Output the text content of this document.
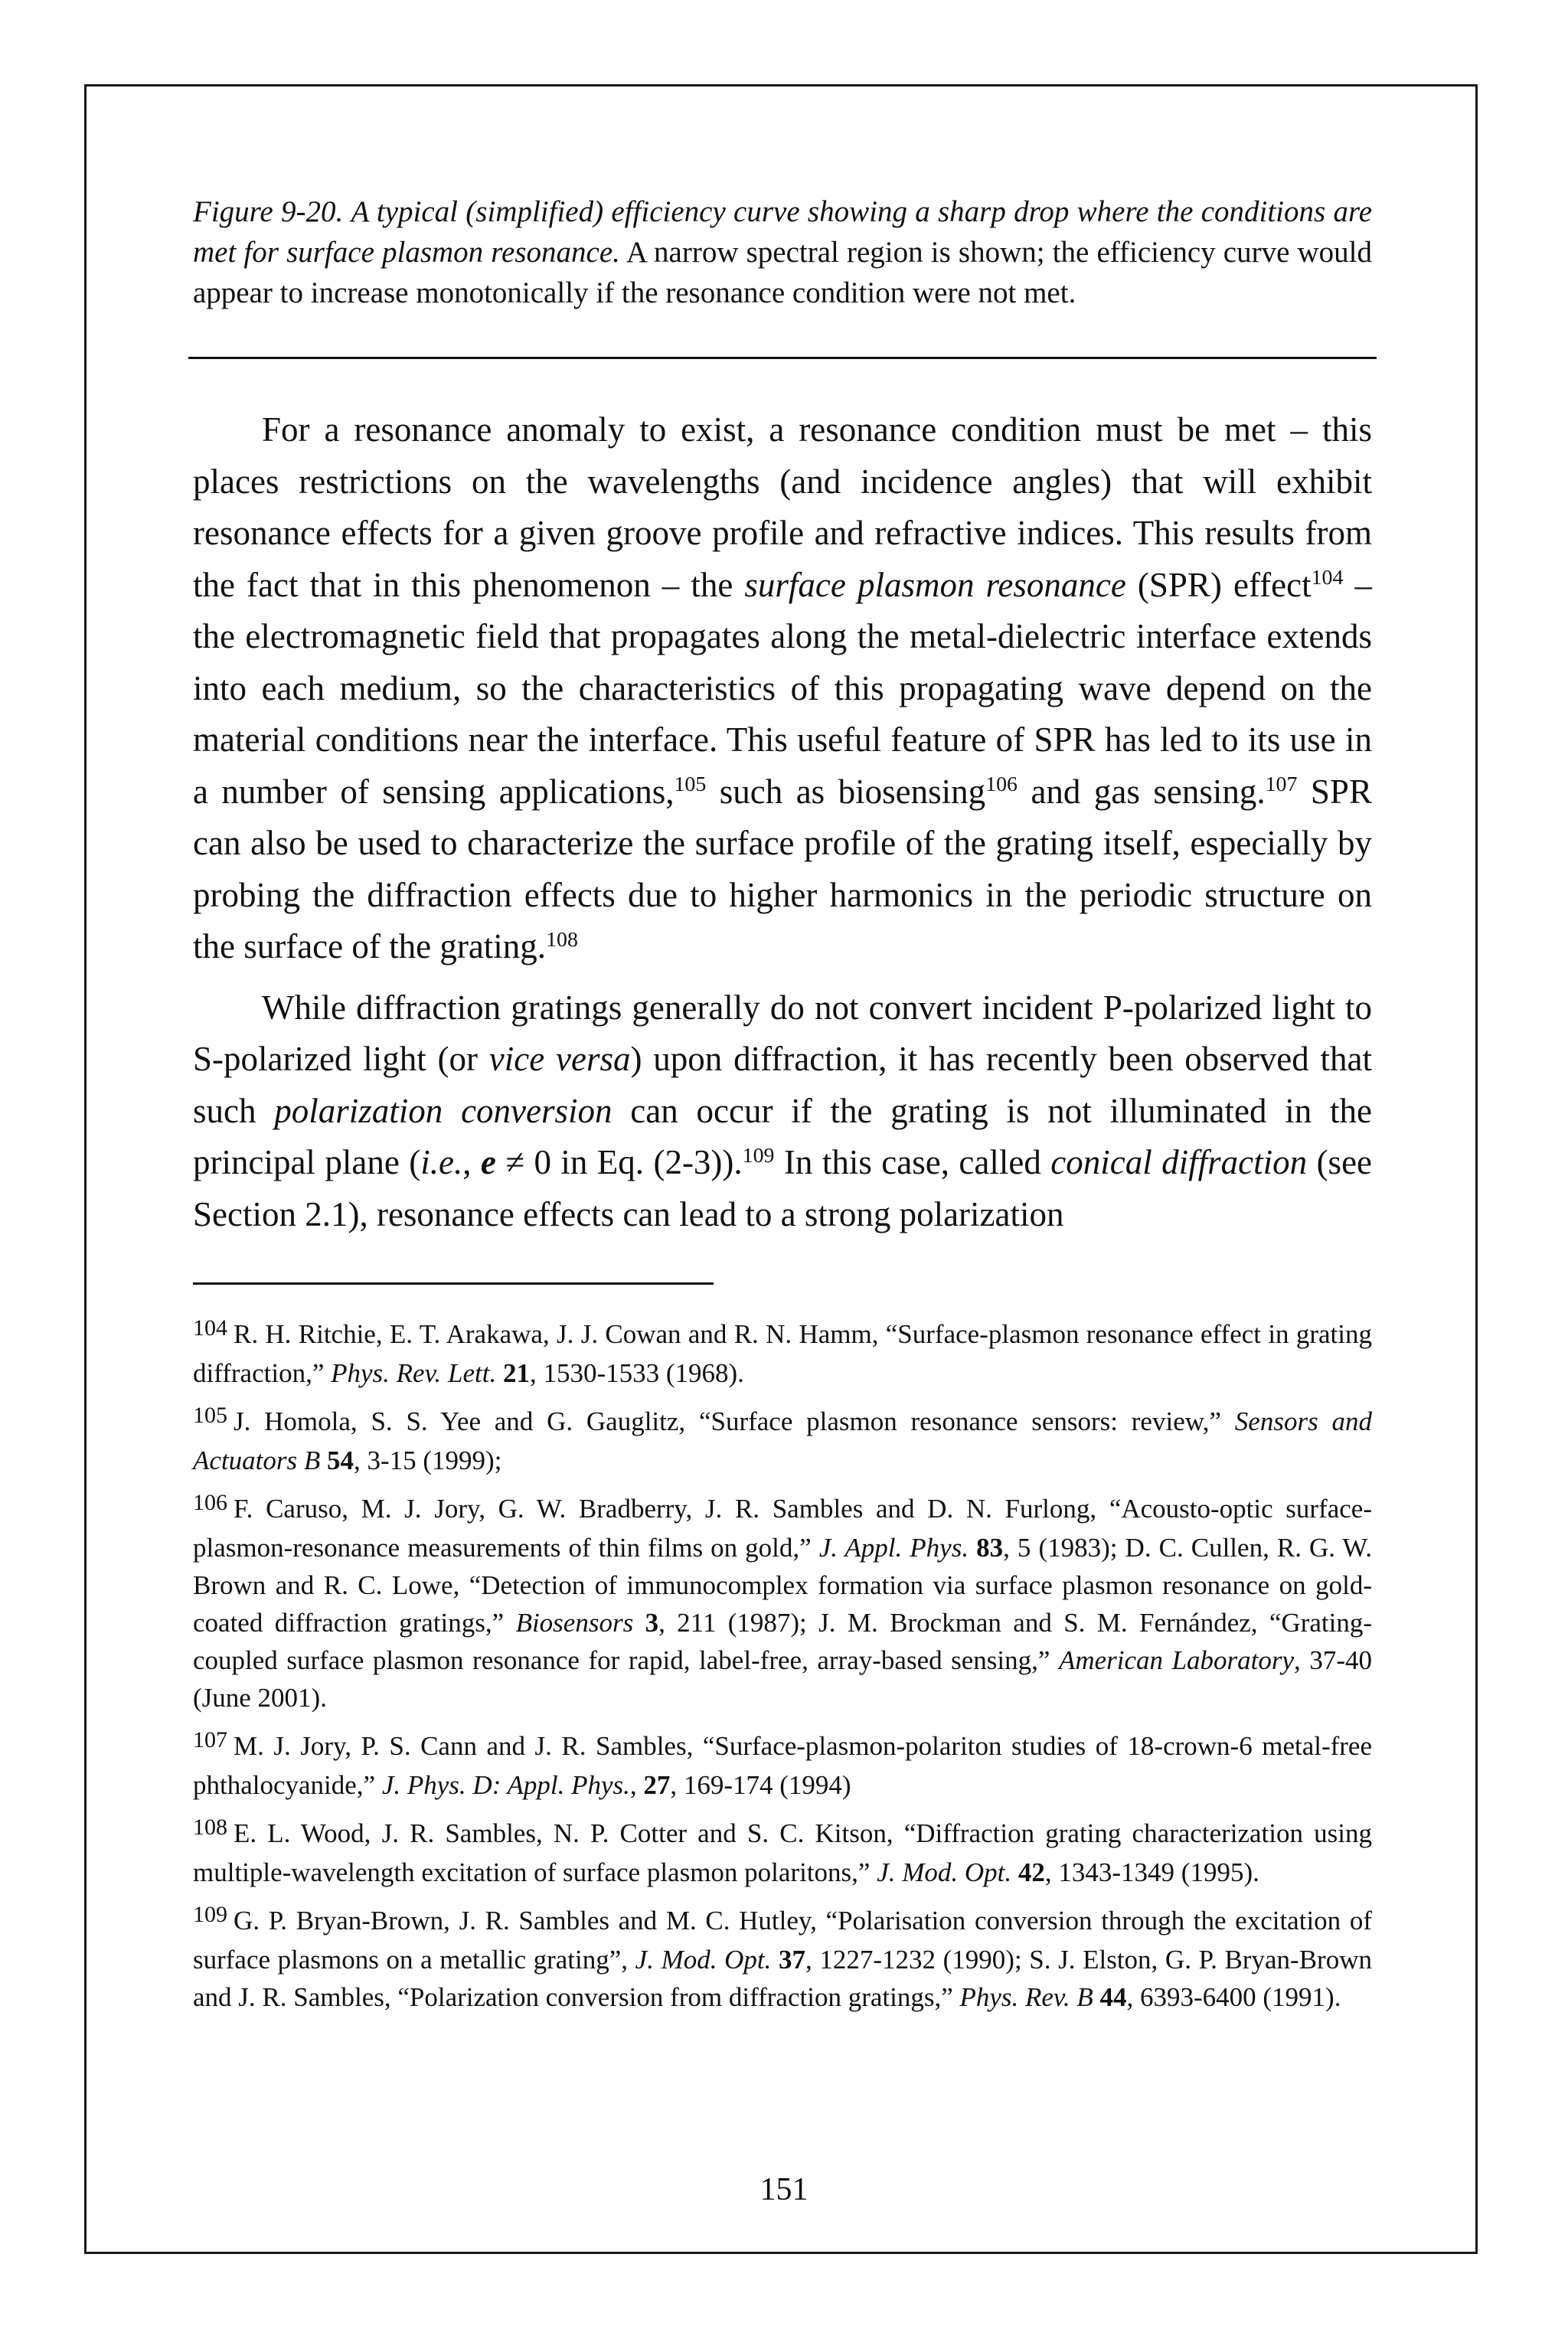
Figure 9-20. A typical (simplified) efficiency curve showing a sharp drop where the conditions are met for surface plasmon resonance. A narrow spectral region is shown; the efficiency curve would appear to increase monotonically if the resonance condition were not met.

For a resonance anomaly to exist, a resonance condition must be met – this places restrictions on the wavelengths (and incidence angles) that will exhibit resonance effects for a given groove profile and refractive indices. This results from the fact that in this phenomenon – the surface plasmon resonance (SPR) effect$^{104}$ – the electromagnetic field that propagates along the metal-dielectric interface extends into each medium, so the characteristics of this propagating wave depend on the material conditions near the interface. This useful feature of SPR has led to its use in a number of sensing applications,$^{105}$ such as biosensing$^{106}$ and gas sensing.$^{107}$ SPR can also be used to characterize the surface profile of the grating itself, especially by probing the diffraction effects due to higher harmonics in the periodic structure on the surface of the grating.$^{108}$

While diffraction gratings generally do not convert incident P-polarized light to S-polarized light (or vice versa) upon diffraction, it has recently been observed that such polarization conversion can occur if the grating is not illuminated in the principal plane (i.e., e ≠ 0 in Eq. (2-3)).$^{109}$ In this case, called conical diffraction (see Section 2.1), resonance effects can lead to a strong polarization

104 R. H. Ritchie, E. T. Arakawa, J. J. Cowan and R. N. Hamm, “Surface-plasmon resonance effect in grating diffraction,” Phys. Rev. Lett. 21, 1530-1533 (1968).
105 J. Homola, S. S. Yee and G. Gauglitz, “Surface plasmon resonance sensors: review,” Sensors and Actuators B 54, 3-15 (1999);
106 F. Caruso, M. J. Jory, G. W. Bradberry, J. R. Sambles and D. N. Furlong, “Acousto-optic surface-plasmon-resonance measurements of thin films on gold,” J. Appl. Phys. 83, 5 (1983); D. C. Cullen, R. G. W. Brown and R. C. Lowe, “Detection of immunocomplex formation via surface plasmon resonance on gold-coated diffraction gratings,” Biosensors 3, 211 (1987); J. M. Brockman and S. M. Fernández, “Grating-coupled surface plasmon resonance for rapid, label-free, array-based sensing,” American Laboratory, 37-40 (June 2001).
107 M. J. Jory, P. S. Cann and J. R. Sambles, “Surface-plasmon-polariton studies of 18-crown-6 metal-free phthalocyanide,” J. Phys. D: Appl. Phys., 27, 169-174 (1994)
108 E. L. Wood, J. R. Sambles, N. P. Cotter and S. C. Kitson, “Diffraction grating characterization using multiple-wavelength excitation of surface plasmon polaritons,” J. Mod. Opt. 42, 1343-1349 (1995).
109 G. P. Bryan-Brown, J. R. Sambles and M. C. Hutley, “Polarisation conversion through the excitation of surface plasmons on a metallic grating”, J. Mod. Opt. 37, 1227-1232 (1990); S. J. Elston, G. P. Bryan-Brown and J. R. Sambles, “Polarization conversion from diffraction gratings,” Phys. Rev. B 44, 6393-6400 (1991).
151
